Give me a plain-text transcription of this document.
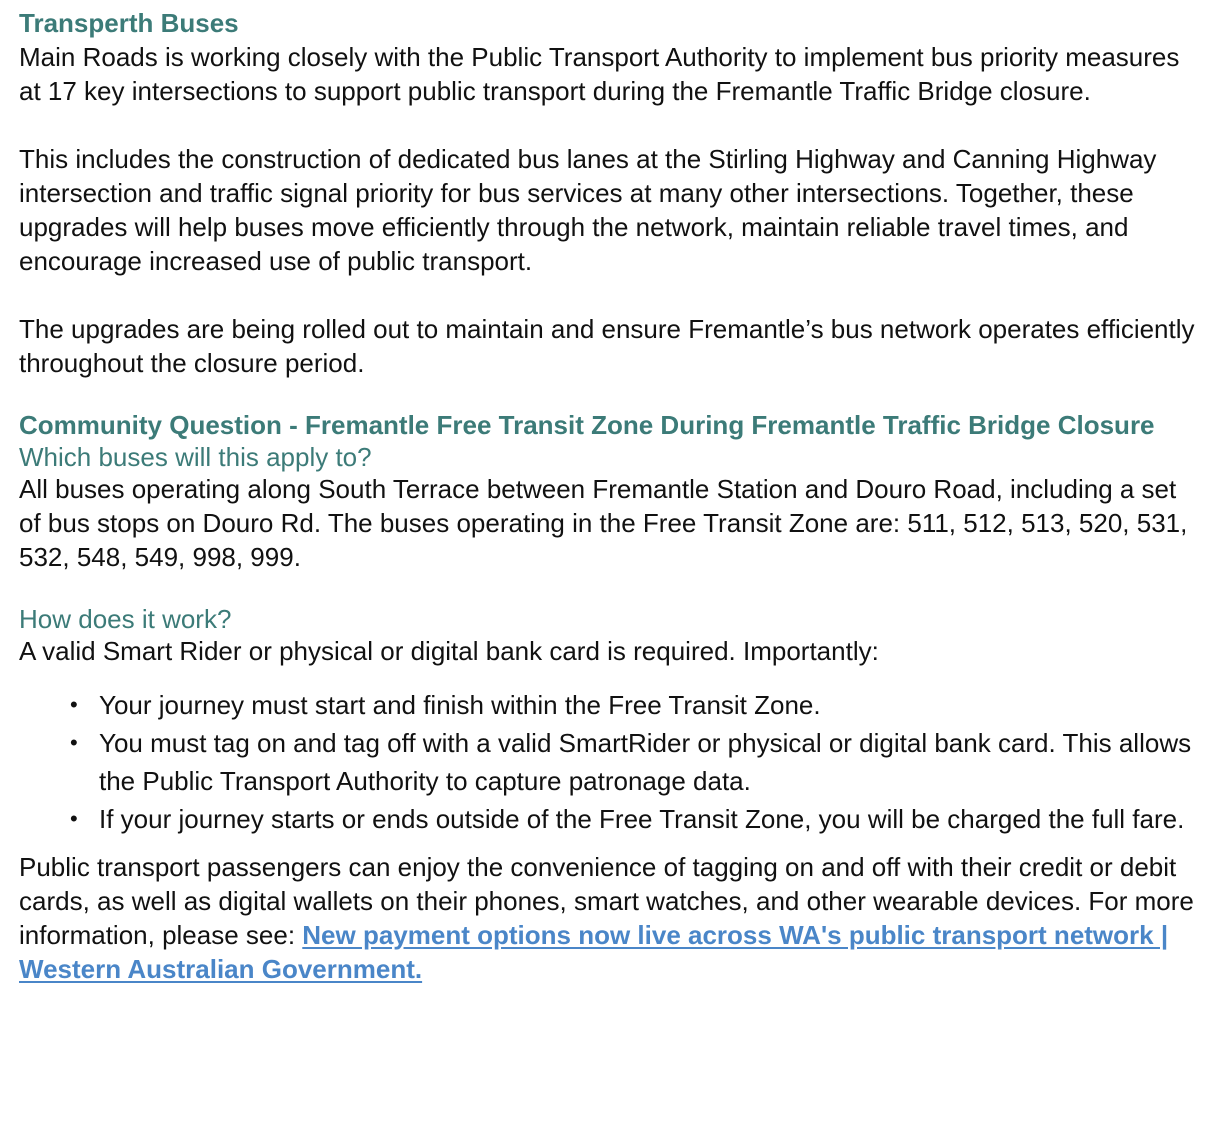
Transperth Buses

Main Roads is working closely with the Public Transport Authority to implement bus priority measures at 17 key intersections to support public transport during the Fremantle Traffic Bridge closure.

This includes the construction of dedicated bus lanes at the Stirling Highway and Canning Highway intersection and traffic signal priority for bus services at many other intersections. Together, these upgrades will help buses move efficiently through the network, maintain reliable travel times, and encourage increased use of public transport.

The upgrades are being rolled out to maintain and ensure Fremantle’s bus network operates efficiently throughout the closure period.

Community Question - Fremantle Free Transit Zone During Fremantle Traffic Bridge Closure
Which buses will this apply to?

All buses operating along South Terrace between Fremantle Station and Douro Road, including a set of bus stops on Douro Rd. The buses operating in the Free Transit Zone are: 511, 512, 513, 520, 531, 532, 548, 549, 998, 999.

How does it work?

A valid Smart Rider or physical or digital bank card is required. Importantly:

• Your journey must start and finish within the Free Transit Zone.
• You must tag on and tag off with a valid SmartRider or physical or digital bank card. This allows the Public Transport Authority to capture patronage data.
• If your journey starts or ends outside of the Free Transit Zone, you will be charged the full fare.

Public transport passengers can enjoy the convenience of tagging on and off with their credit or debit cards, as well as digital wallets on their phones, smart watches, and other wearable devices. For more information, please see: New payment options now live across WA's public transport network | Western Australian Government.
